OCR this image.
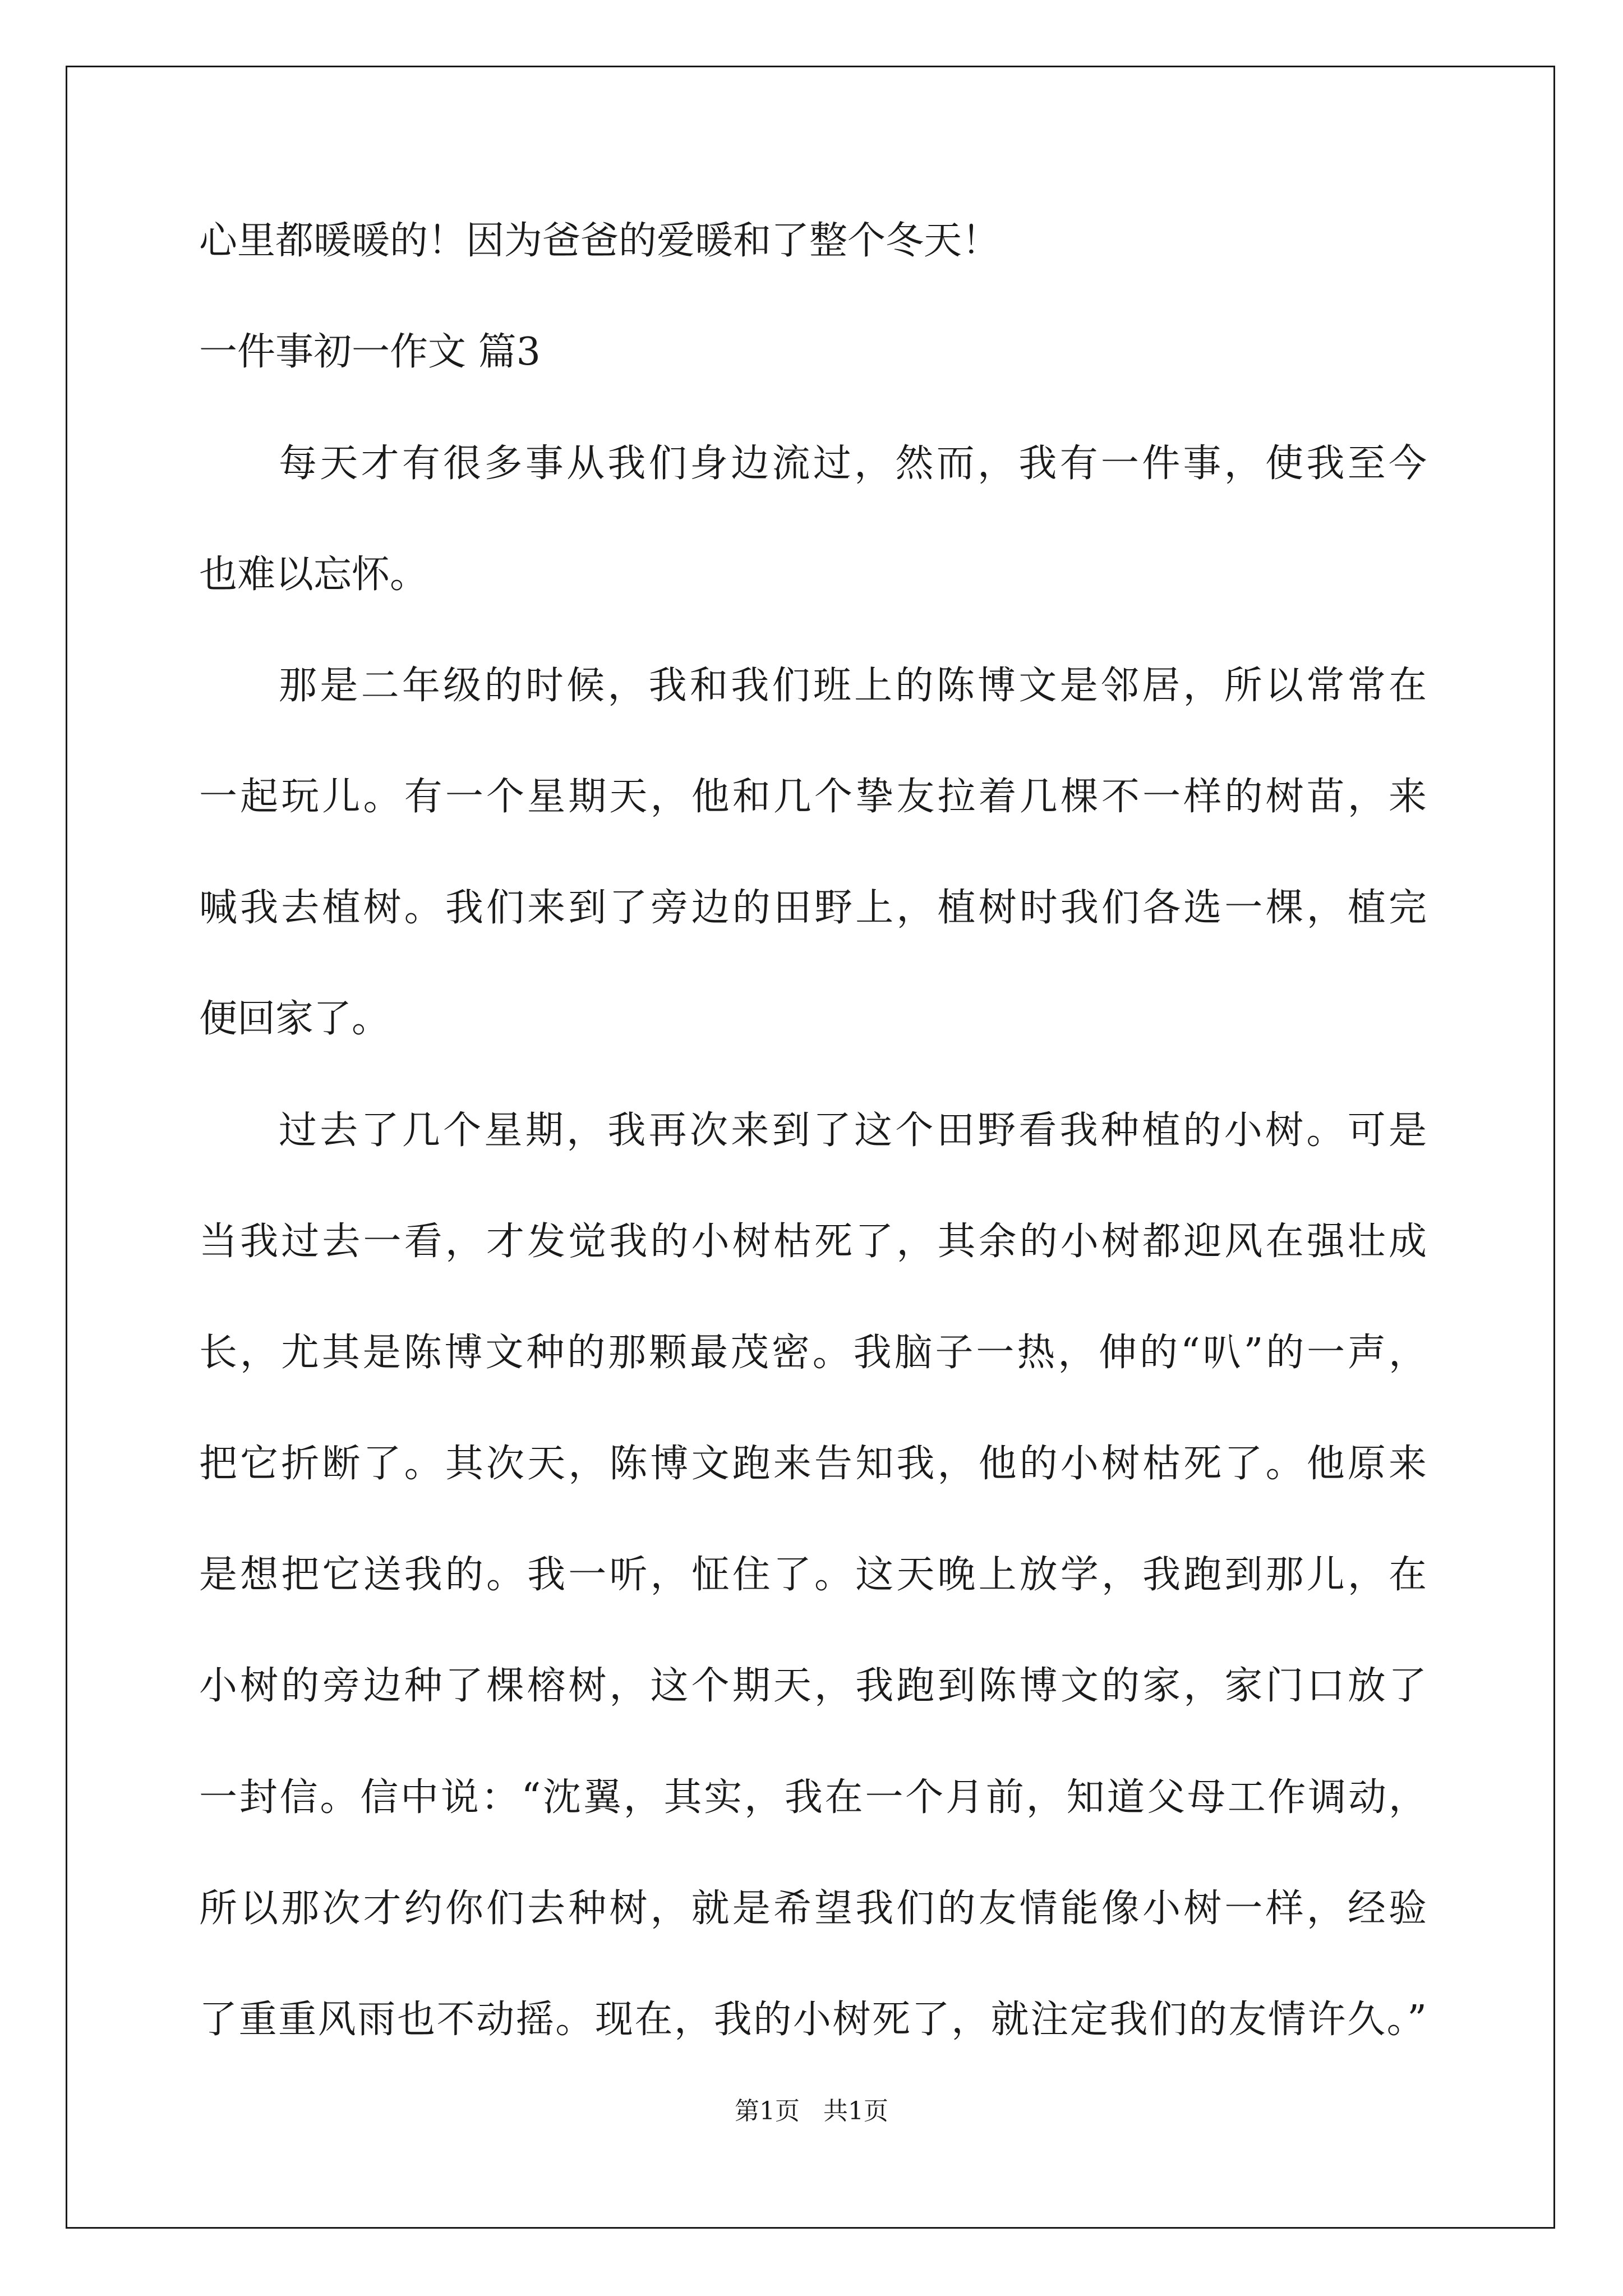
心里都暖暖的！因为爸爸的爱暖和了整个冬天！
一件事初一作文 篇3
每天才有很多事从我们身边流过，然而，我有一件事，使我至今
也难以忘怀。
那是二年级的时候，我和我们班上的陈博文是邻居，所以常常在
一起玩儿。有一个星期天，他和几个挚友拉着几棵不一样的树苗，来
喊我去植树。我们来到了旁边的田野上，植树时我们各选一棵，植完
便回家了。
过去了几个星期，我再次来到了这个田野看我种植的小树。可是
当我过去一看，才发觉我的小树枯死了，其余的小树都迎风在强壮成
长，尤其是陈博文种的那颗最茂密。我脑子一热，伸的“叭”的一声，
把它折断了。其次天，陈博文跑来告知我，他的小树枯死了。他原来
是想把它送我的。我一听，怔住了。这天晚上放学，我跑到那儿，在
小树的旁边种了棵榕树，这个期天，我跑到陈博文的家，家门口放了
一封信。信中说：“沈翼，其实，我在一个月前，知道父母工作调动，
所以那次才约你们去种树，就是希望我们的友情能像小树一样，经验
了重重风雨也不动摇。现在，我的小树死了，就注定我们的友情许久。”
第1页   共1页
